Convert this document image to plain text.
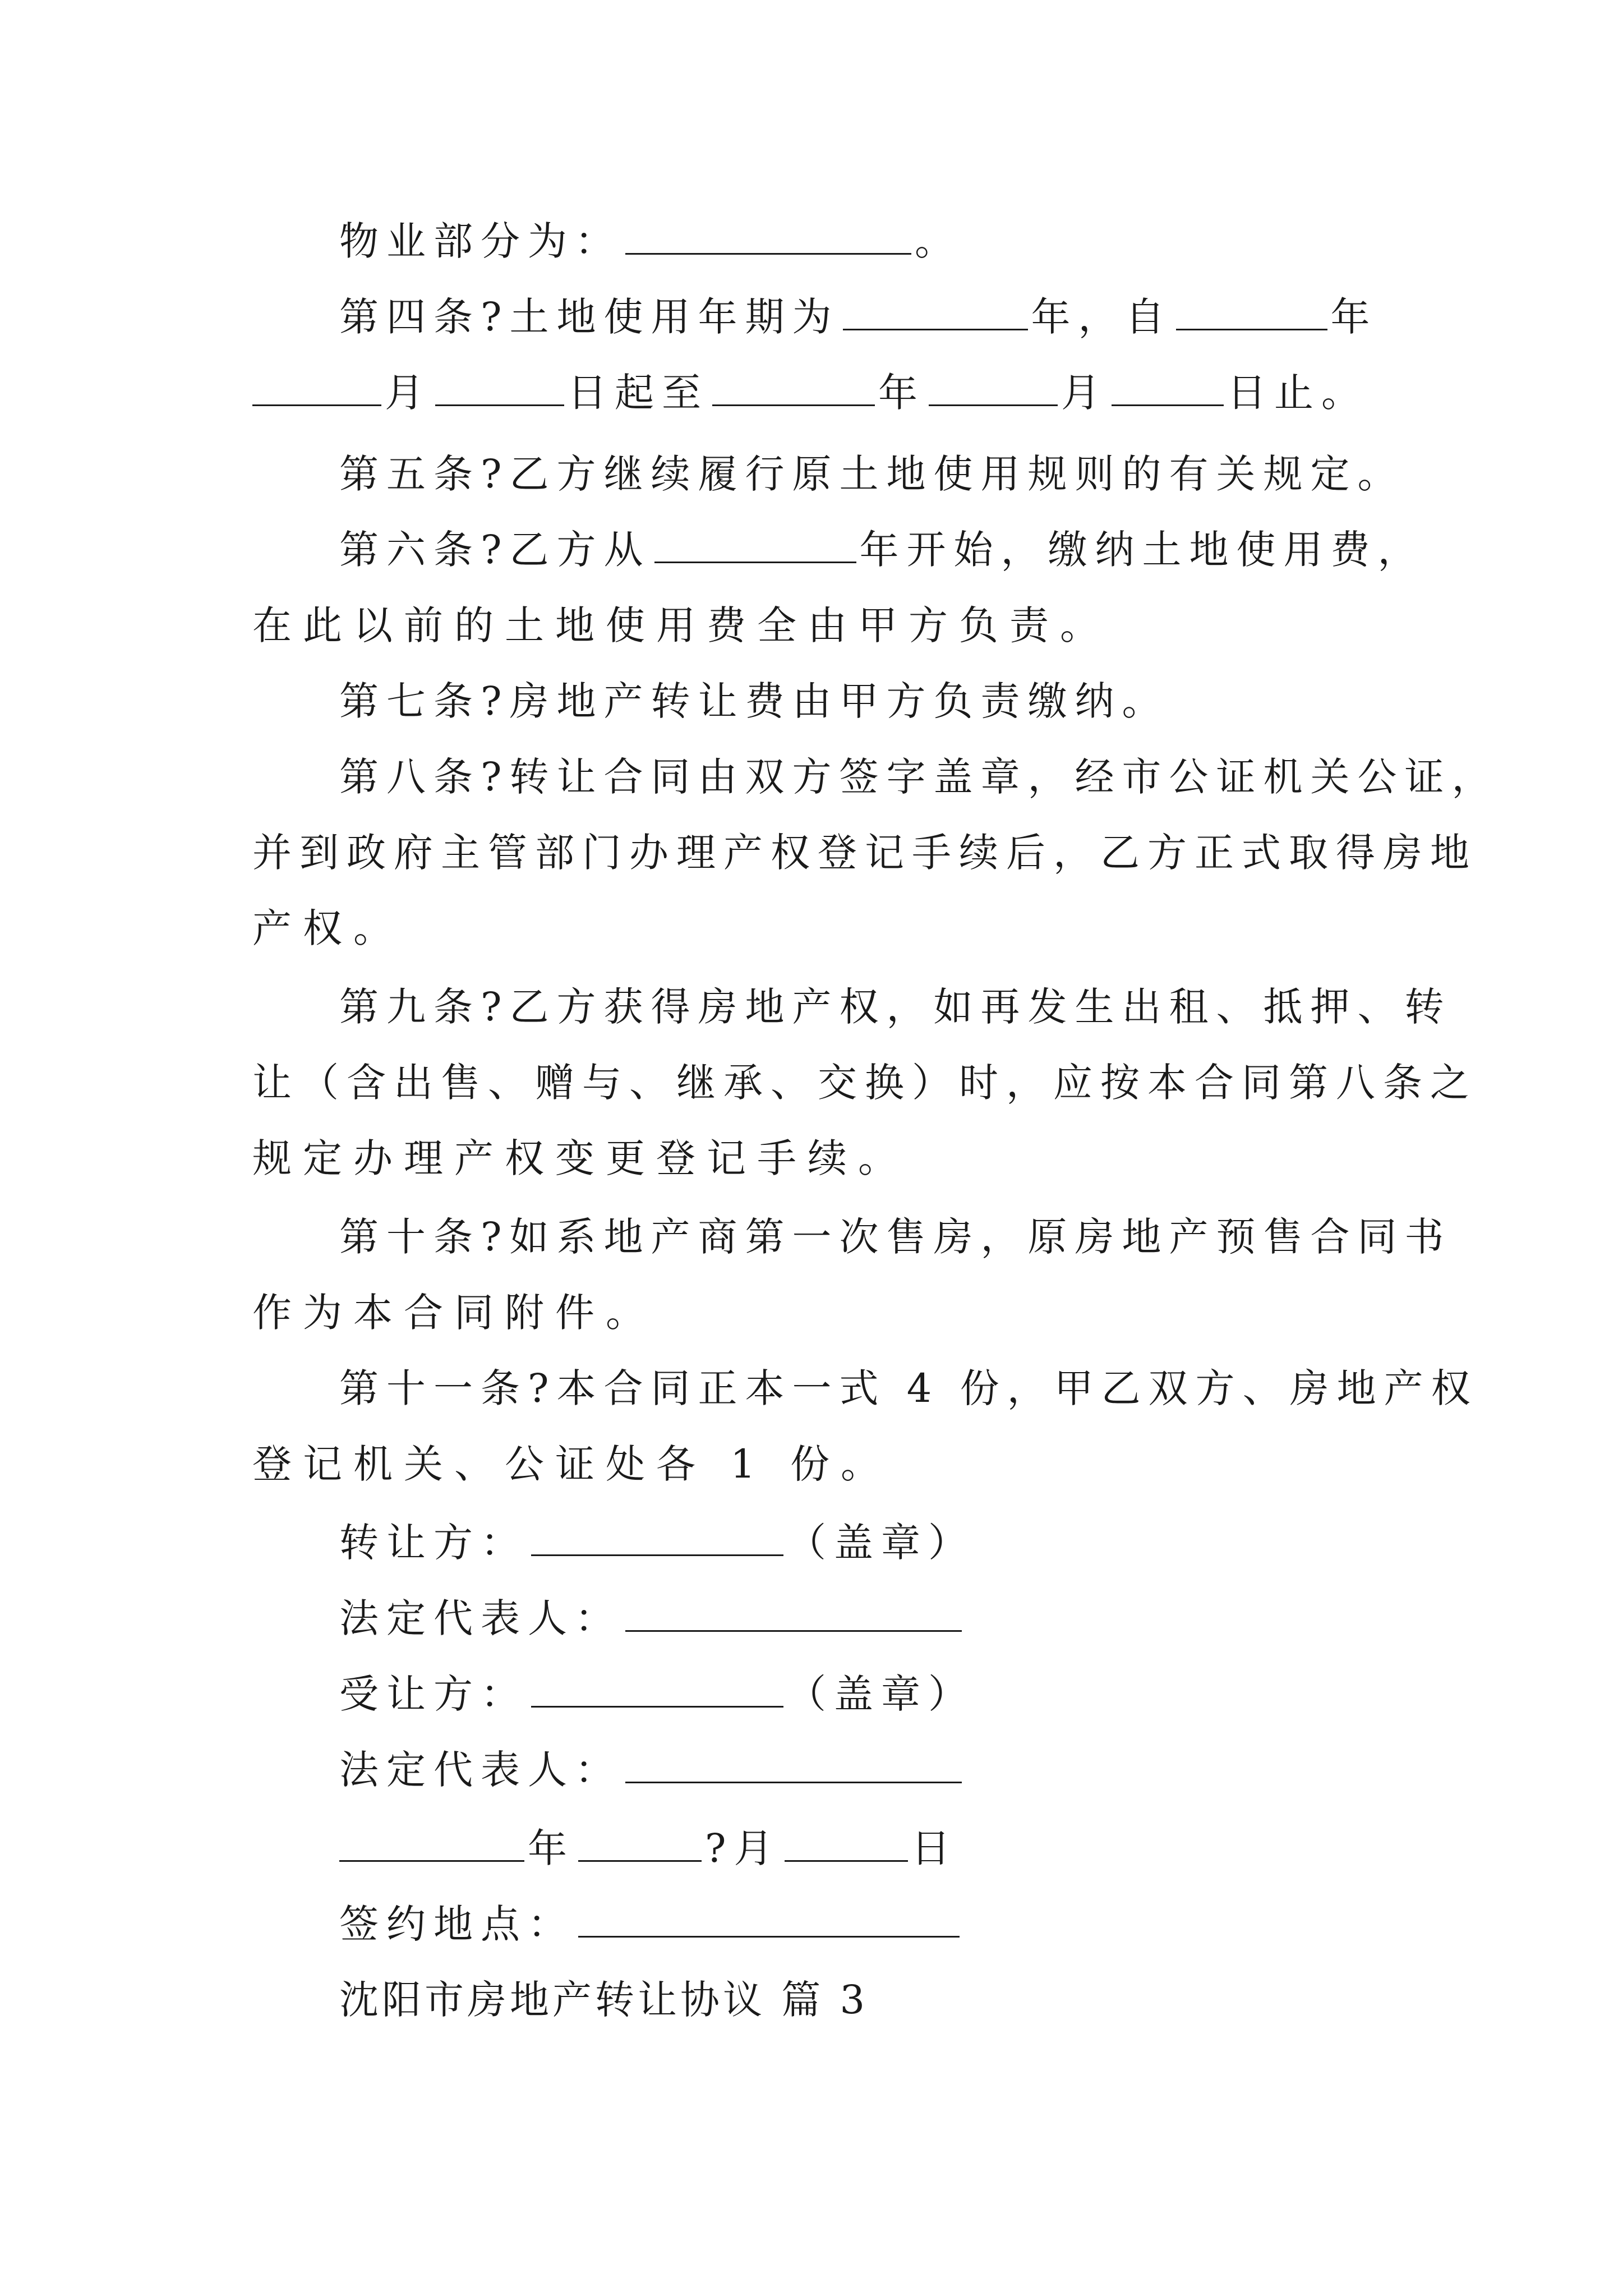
物业部分为：	。
第四条?土地使用年期为	年，自	年
月	日起至	年	月	日止。
第五条?乙方继续履行原土地使用规则的有关规定。
第六条?乙方从	年开始，缴纳土地使用费，
在此以前的土地使用费全由甲方负责。
第七条?房地产转让费由甲方负责缴纳。
第八条?转让合同由双方签字盖章，经市公证机关公证，
并到政府主管部门办理产权登记手续后，乙方正式取得房地
产权。
第九条?乙方获得房地产权，如再发生出租、抵押、转
让（含出售、赠与、继承、交换）时，应按本合同第八条之
规定办理产权变更登记手续。
第十条?如系地产商第一次售房，原房地产预售合同书
作为本合同附件。
第十一条?本合同正本一式 4 份，甲乙双方、房地产权
登记机关、公证处各 1 份。
转让方：	（盖章）
法定代表人：
受让方：	（盖章）
法定代表人：
年	?月	日
签约地点：
沈阳市房地产转让协议 篇 3
